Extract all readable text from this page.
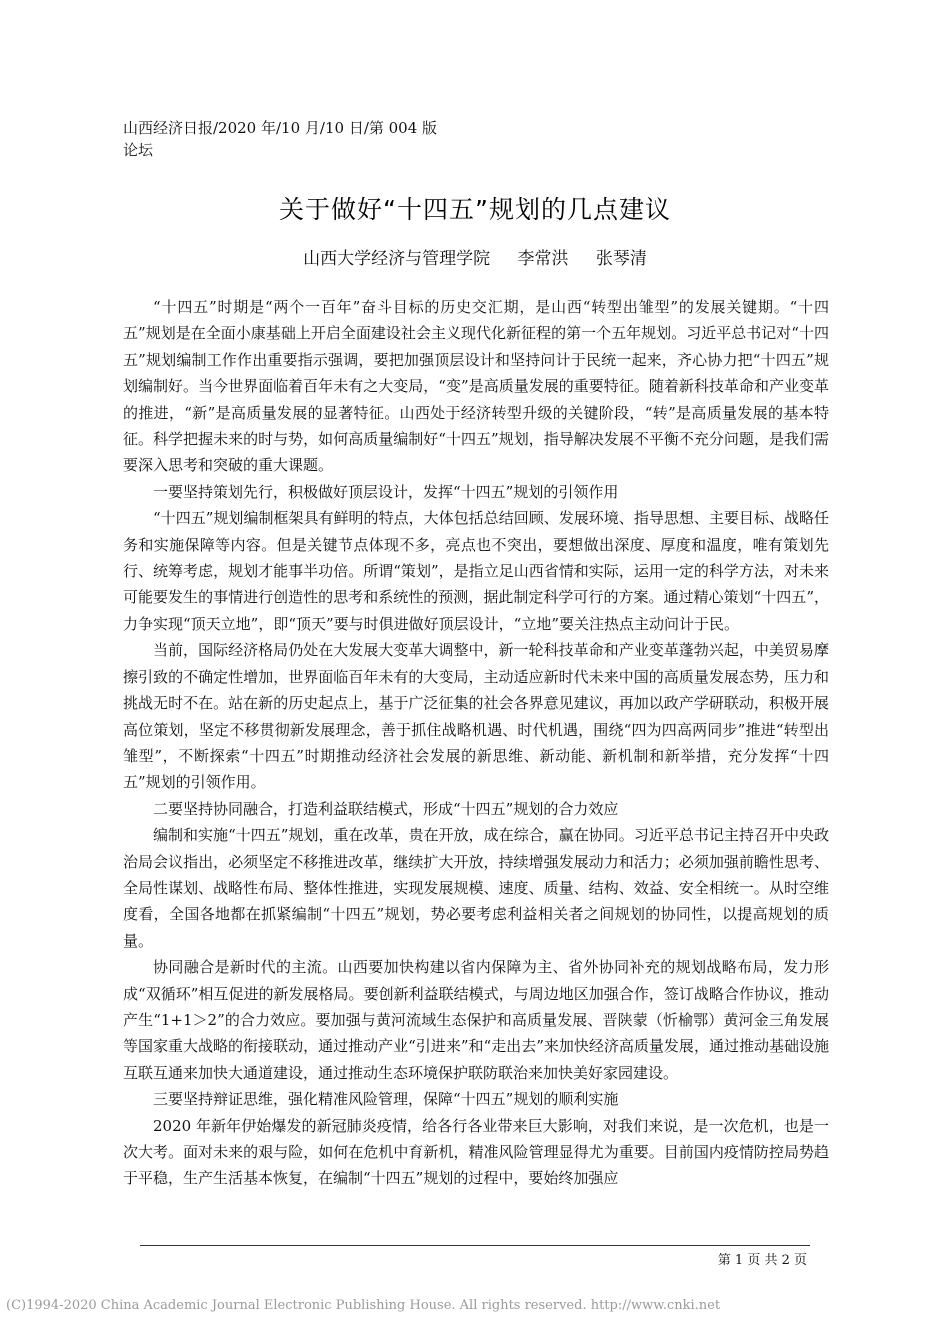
山西经济日报/2020 年/10 月/10 日/第 004 版
论坛
关于做好“十四五”规划的几点建议
山西大学经济与管理学院 李常洪 张琴清

“十四五”时期是“两个一百年”奋斗目标的历史交汇期，是山西“转型出雏型”的发展关键期。“十四五”规划是在全面小康基础上开启全面建设社会主义现代化新征程的第一个五年规划。习近平总书记对“十四五”规划编制工作作出重要指示强调，要把加强顶层设计和坚持问计于民统一起来，齐心协力把“十四五”规划编制好。当今世界面临着百年未有之大变局，“变”是高质量发展的重要特征。随着新科技革命和产业变革的推进，“新”是高质量发展的显著特征。山西处于经济转型升级的关键阶段，“转”是高质量发展的基本特征。科学把握未来的时与势，如何高质量编制好“十四五”规划，指导解决发展不平衡不充分问题，是我们需要深入思考和突破的重大课题。

一要坚持策划先行，积极做好顶层设计，发挥“十四五”规划的引领作用

“十四五”规划编制框架具有鲜明的特点，大体包括总结回顾、发展环境、指导思想、主要目标、战略任务和实施保障等内容。但是关键节点体现不多，亮点也不突出，要想做出深度、厚度和温度，唯有策划先行、统筹考虑，规划才能事半功倍。所谓“策划”，是指立足山西省情和实际，运用一定的科学方法，对未来可能要发生的事情进行创造性的思考和系统性的预测，据此制定科学可行的方案。通过精心策划“十四五”，力争实现“顶天立地”，即“顶天”要与时俱进做好顶层设计，“立地”要关注热点主动问计于民。

当前，国际经济格局仍处在大发展大变革大调整中，新一轮科技革命和产业变革蓬勃兴起，中美贸易摩擦引致的不确定性增加，世界面临百年未有的大变局，主动适应新时代未来中国的高质量发展态势，压力和挑战无时不在。站在新的历史起点上，基于广泛征集的社会各界意见建议，再加以政产学研联动，积极开展高位策划，坚定不移贯彻新发展理念，善于抓住战略机遇、时代机遇，围绕“四为四高两同步”推进“转型出雏型”，不断探索“十四五”时期推动经济社会发展的新思维、新动能、新机制和新举措，充分发挥“十四五”规划的引领作用。

二要坚持协同融合，打造利益联结模式，形成“十四五”规划的合力效应

编制和实施“十四五”规划，重在改革，贵在开放，成在综合，赢在协同。习近平总书记主持召开中央政治局会议指出，必须坚定不移推进改革，继续扩大开放，持续增强发展动力和活力；必须加强前瞻性思考、全局性谋划、战略性布局、整体性推进，实现发展规模、速度、质量、结构、效益、安全相统一。从时空维度看，全国各地都在抓紧编制“十四五”规划，势必要考虑利益相关者之间规划的协同性，以提高规划的质量。

协同融合是新时代的主流。山西要加快构建以省内保障为主、省外协同补充的规划战略布局，发力形成“双循环”相互促进的新发展格局。要创新利益联结模式，与周边地区加强合作，签订战略合作协议，推动产生“1+1＞2”的合力效应。要加强与黄河流域生态保护和高质量发展、晋陕蒙（忻榆鄂）黄河金三角发展等国家重大战略的衔接联动，通过推动产业“引进来”和“走出去”来加快经济高质量发展，通过推动基础设施互联互通来加快大通道建设，通过推动生态环境保护联防联治来加快美好家园建设。

三要坚持辩证思维，强化精准风险管理，保障“十四五”规划的顺利实施

2020 年新年伊始爆发的新冠肺炎疫情，给各行各业带来巨大影响，对我们来说，是一次危机，也是一次大考。面对未来的艰与险，如何在危机中育新机，精准风险管理显得尤为重要。目前国内疫情防控局势趋于平稳，生产生活基本恢复，在编制“十四五”规划的过程中，要始终加强应

第 1 页 共 2 页
(C)1994-2020 China Academic Journal Electronic Publishing House. All rights reserved. http://www.cnki.net
